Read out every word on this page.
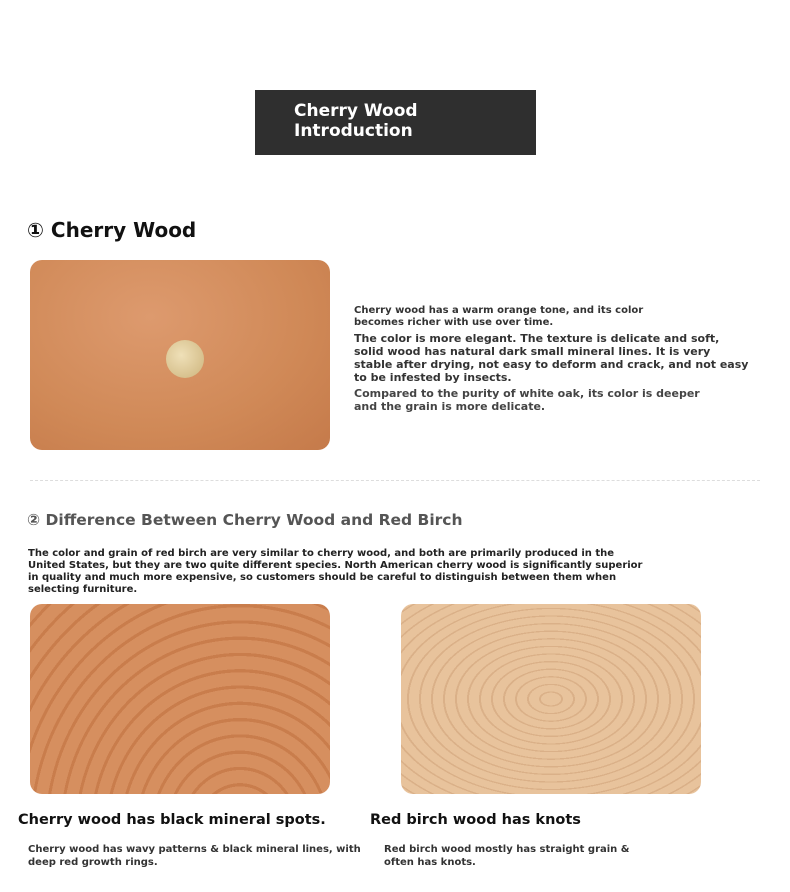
Cherry Wood
Introduction
① Cherry Wood

Cherry wood has a warm orange tone, and its color becomes richer with use over time.

The color is more elegant. The texture is delicate and soft, solid wood has natural dark small mineral lines. It is very stable after drying, not easy to deform and crack, and not easy to be infested by insects.

Compared to the purity of white oak, its color is deeper and the grain is more delicate.

② Difference Between Cherry Wood and Red Birch
The color and grain of red birch are very similar to cherry wood, and both are primarily produced in the United States, but they are two quite different species. North American cherry wood is significantly superior in quality and much more expensive, so customers should be careful to distinguish between them when selecting furniture.
Cherry wood has black mineral spots.	Red birch wood has knots
Cherry wood has wavy patterns & black mineral lines, with deep red growth rings.
Red birch wood mostly has straight grain & often has knots.
